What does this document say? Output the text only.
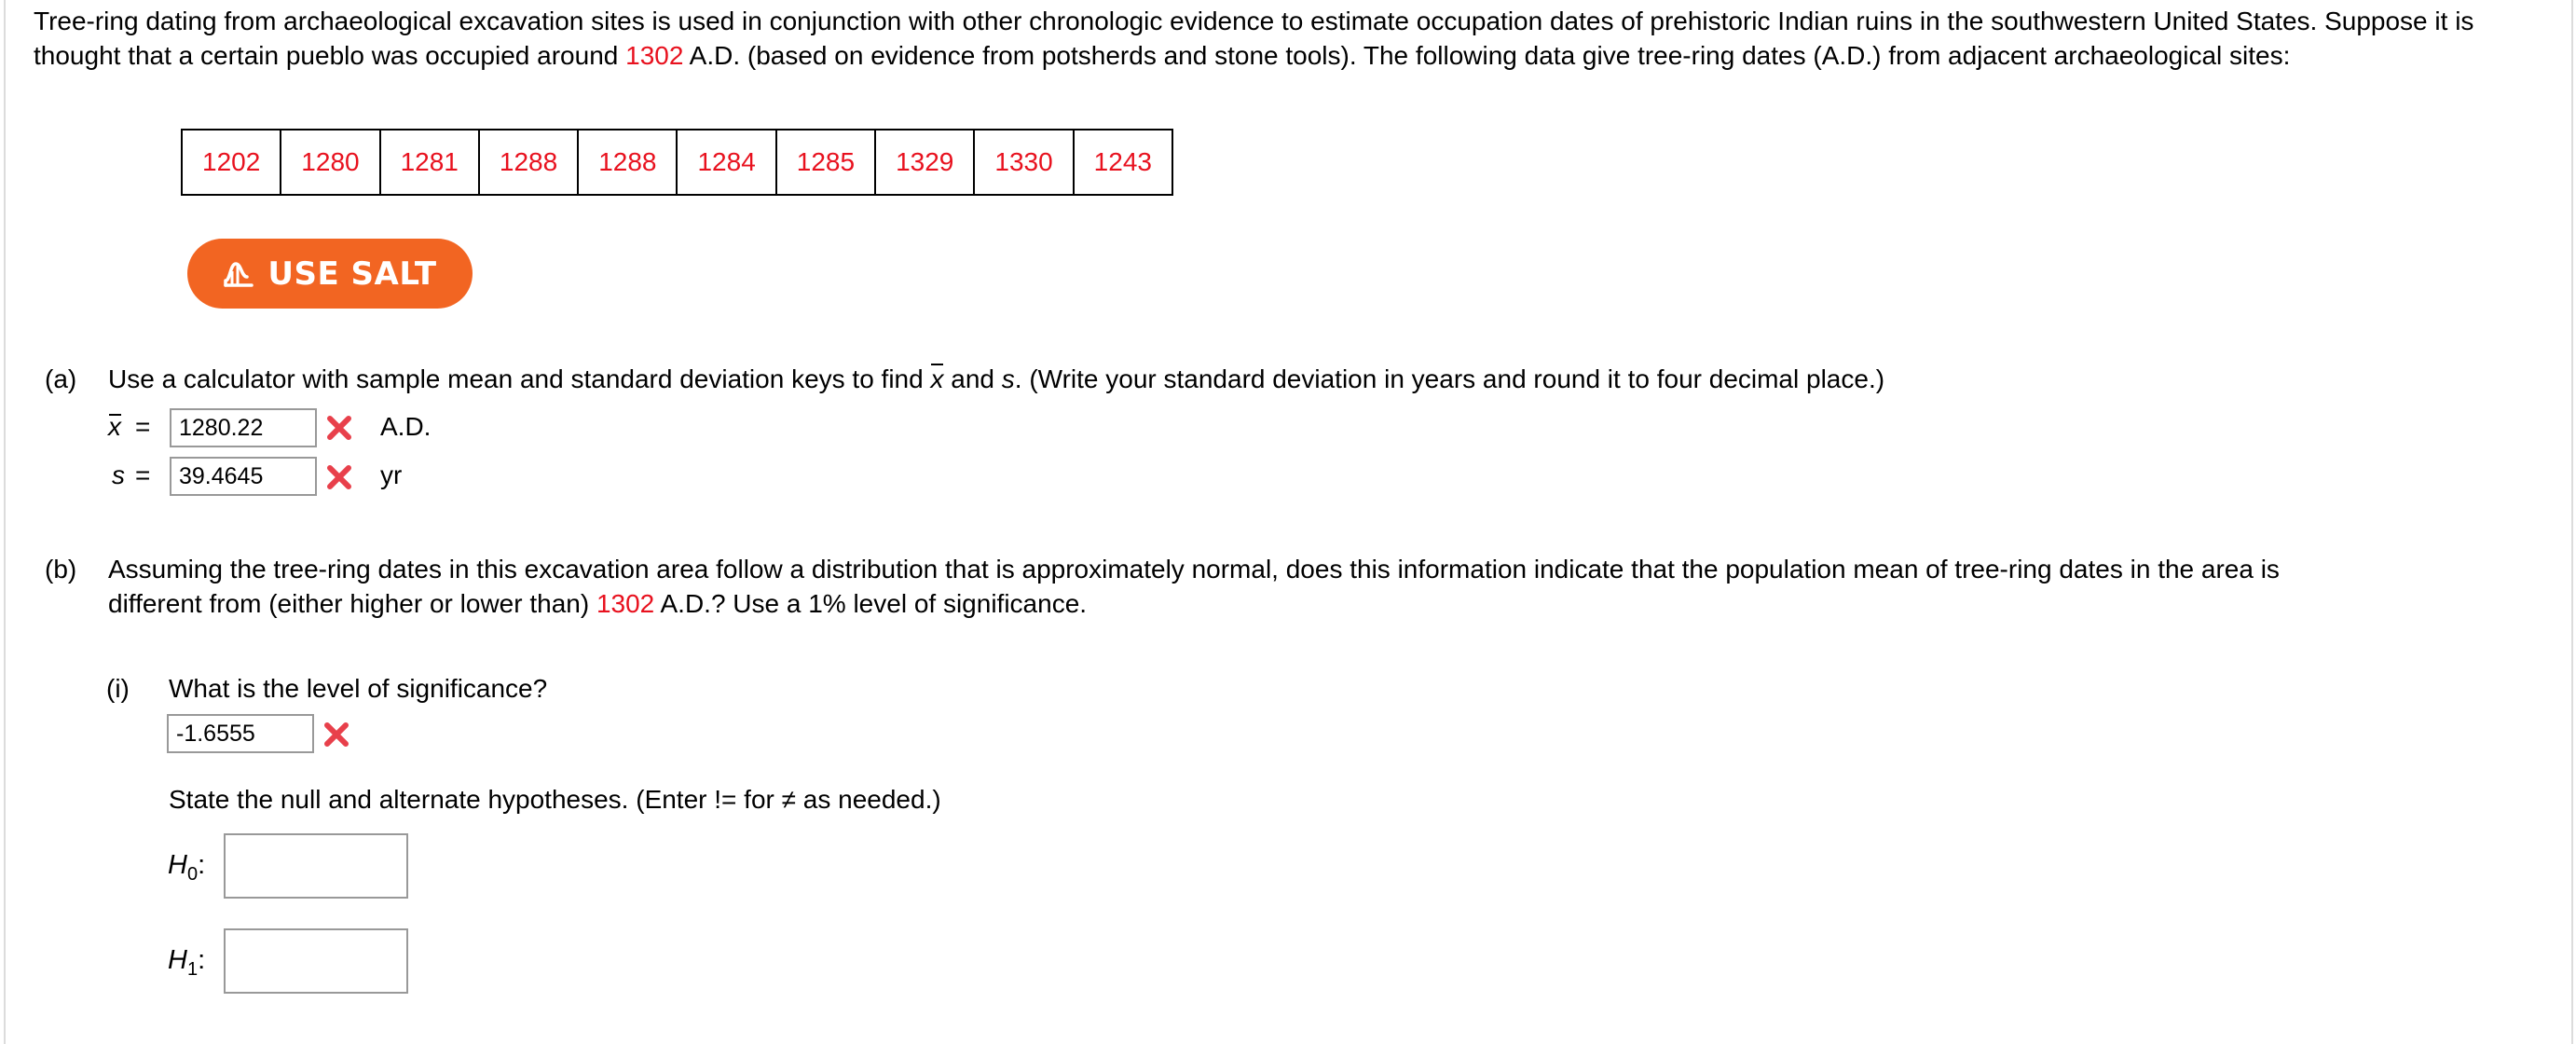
Tree-ring dating from archaeological excavation sites is used in conjunction with other chronologic evidence to estimate occupation dates of prehistoric Indian ruins in the southwestern United States. Suppose it is thought that a certain pueblo was occupied around 1302 A.D. (based on evidence from potsherds and stone tools). The following data give tree-ring dates (A.D.) from adjacent archaeological sites:
1202	1280	1281	1288	1288	1284	1285	1329	1330	1243
USE SALT
(a) Use a calculator with sample mean and standard deviation keys to find x and s. (Write your standard deviation in years and round it to four decimal place.)
x =	1280.22	A.D.
s =	39.4645	yr
(b) Assuming the tree-ring dates in this excavation area follow a distribution that is approximately normal, does this information indicate that the population mean of tree-ring dates in the area is
different from (either higher or lower than) 1302 A.D.? Use a 1% level of significance.
(i) What is the level of significance?
-1.6555
State the null and alternate hypotheses. (Enter != for ≠ as needed.)
$H_0$:
$H_1$:
